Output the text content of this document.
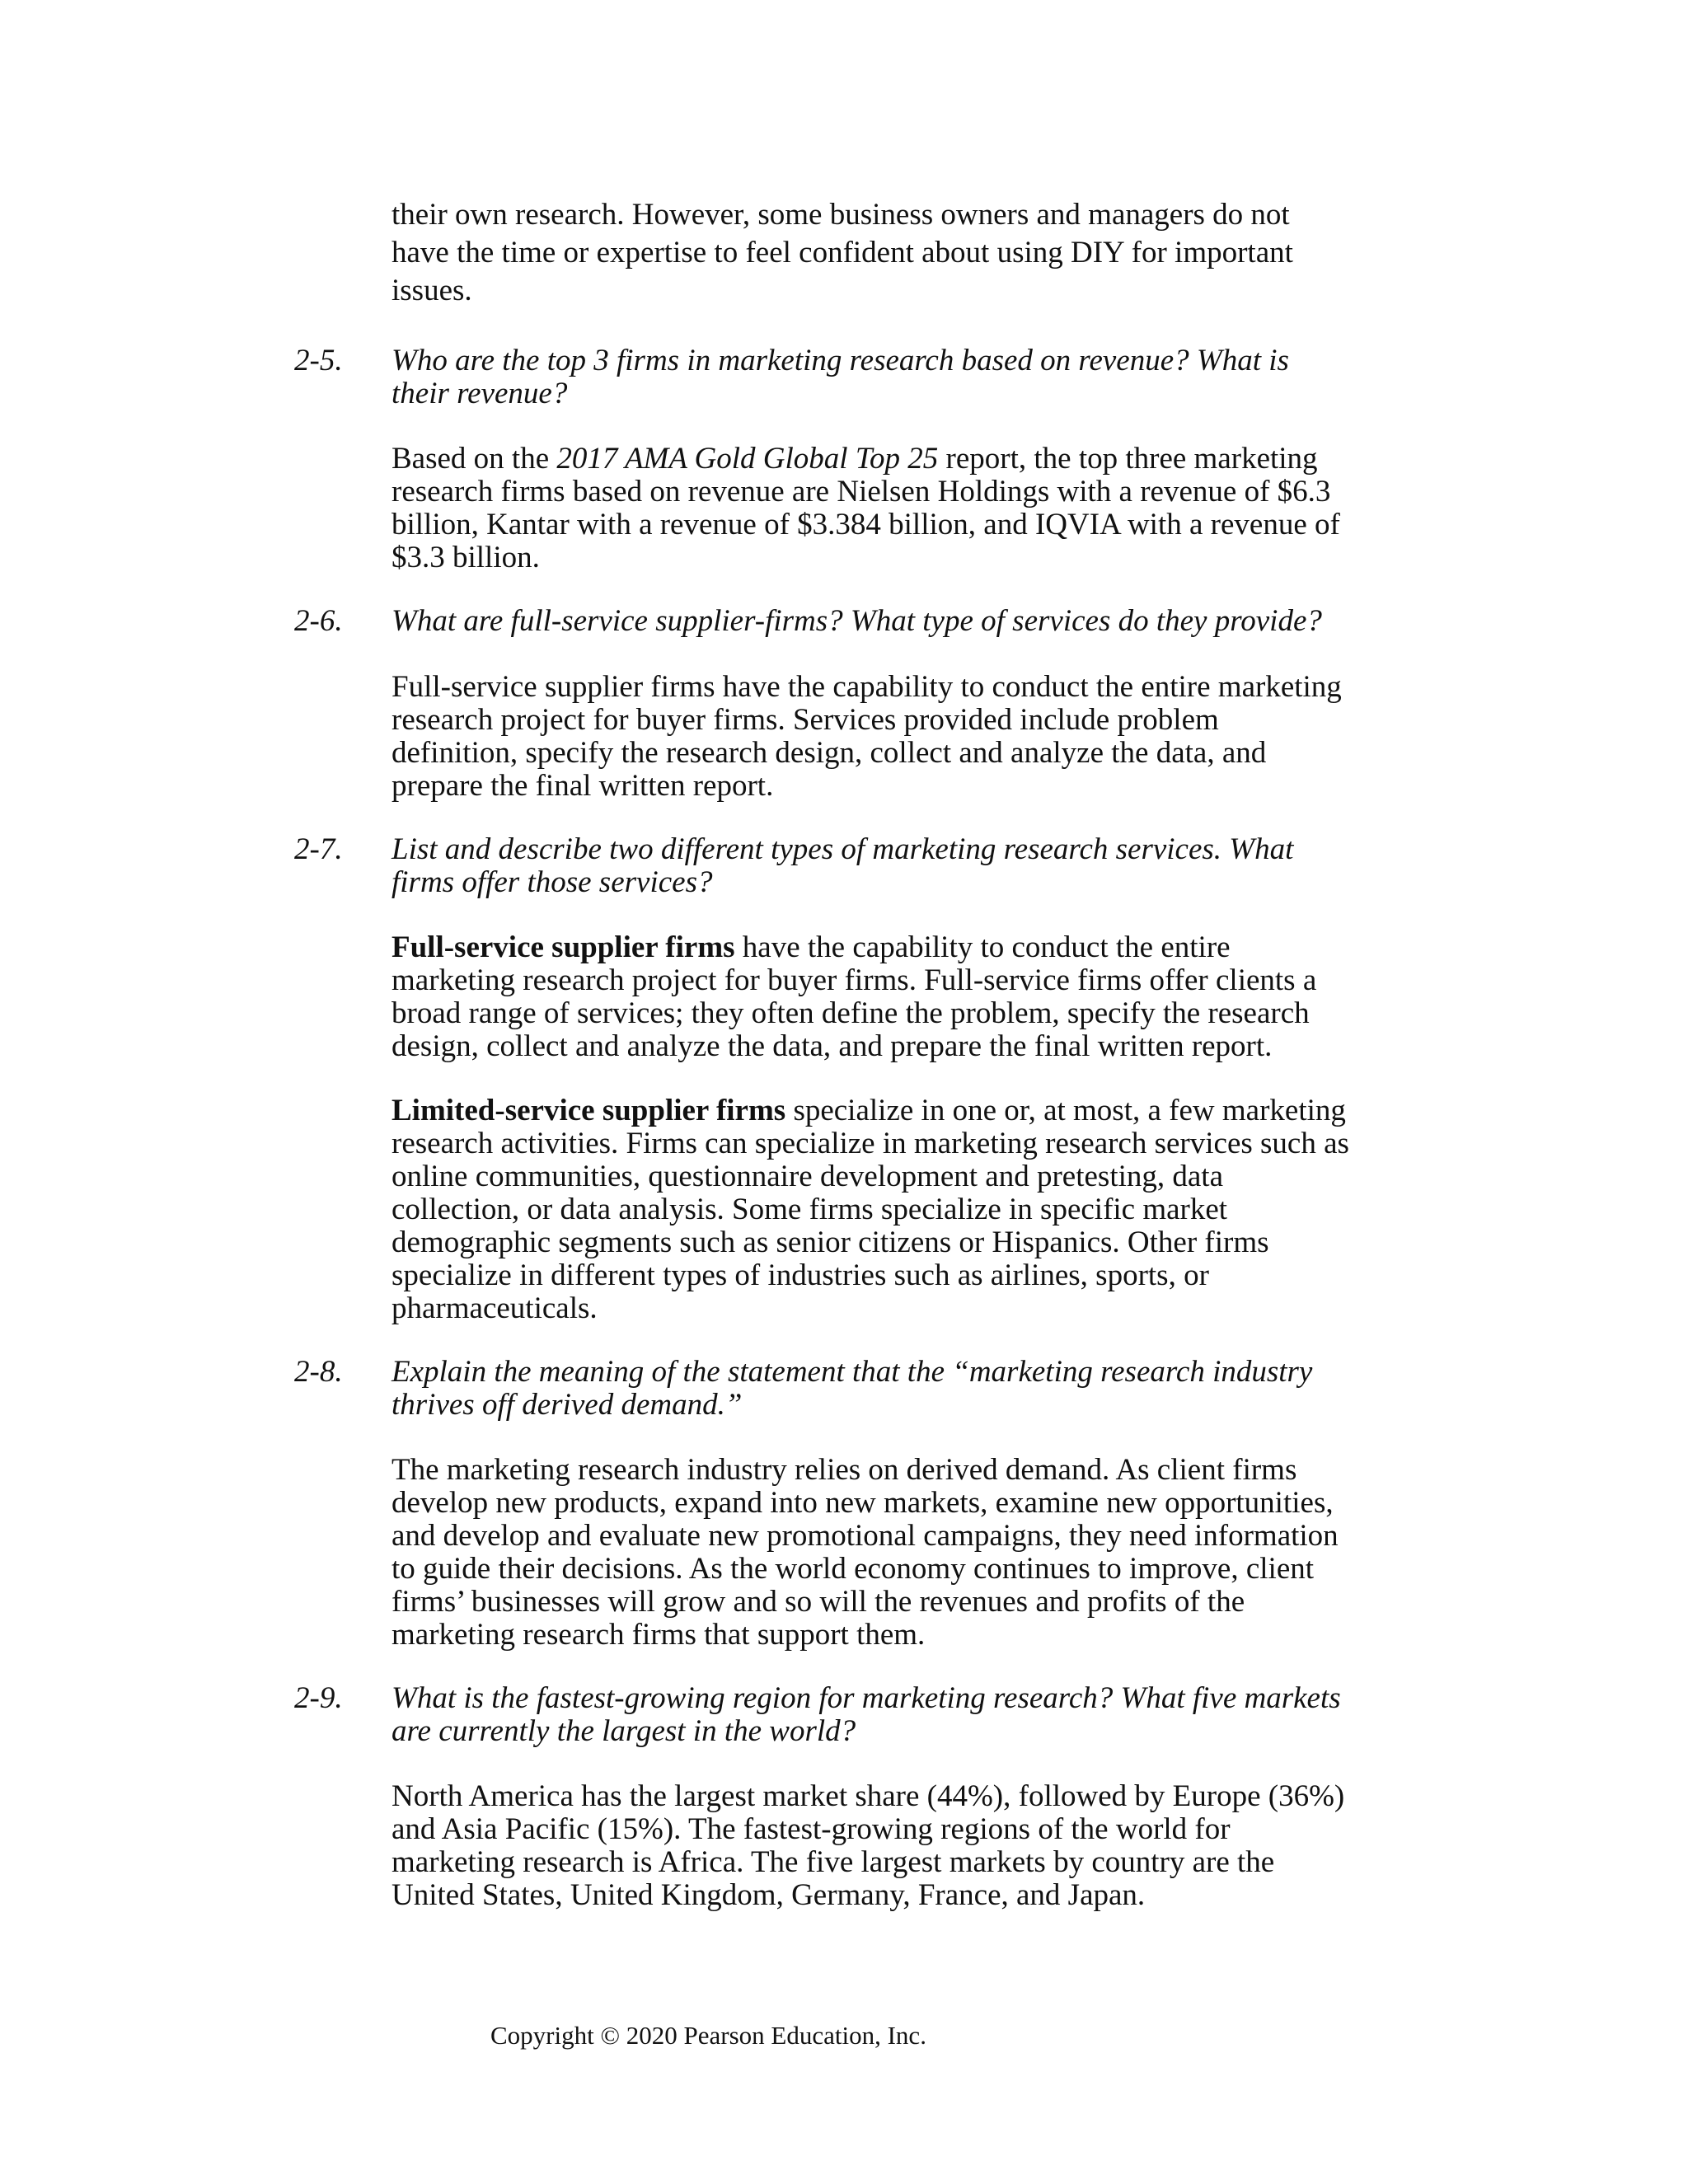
their own research. However, some business owners and managers do not
have the time or expertise to feel confident about using DIY for important
issues.

2-5. Who are the top 3 firms in marketing research based on revenue? What is
their revenue?

Based on the 2017 AMA Gold Global Top 25 report, the top three marketing
research firms based on revenue are Nielsen Holdings with a revenue of $6.3
billion, Kantar with a revenue of $3.384 billion, and IQVIA with a revenue of
$3.3 billion.

2-6. What are full-service supplier-firms? What type of services do they provide?

Full-service supplier firms have the capability to conduct the entire marketing
research project for buyer firms. Services provided include problem
definition, specify the research design, collect and analyze the data, and
prepare the final written report.

2-7. List and describe two different types of marketing research services. What
firms offer those services?

Full-service supplier firms have the capability to conduct the entire
marketing research project for buyer firms. Full-service firms offer clients a
broad range of services; they often define the problem, specify the research
design, collect and analyze the data, and prepare the final written report.

Limited-service supplier firms specialize in one or, at most, a few marketing
research activities. Firms can specialize in marketing research services such as
online communities, questionnaire development and pretesting, data
collection, or data analysis. Some firms specialize in specific market
demographic segments such as senior citizens or Hispanics. Other firms
specialize in different types of industries such as airlines, sports, or
pharmaceuticals.

2-8. Explain the meaning of the statement that the “marketing research industry
thrives off derived demand.”

The marketing research industry relies on derived demand. As client firms
develop new products, expand into new markets, examine new opportunities,
and develop and evaluate new promotional campaigns, they need information
to guide their decisions. As the world economy continues to improve, client
firms’ businesses will grow and so will the revenues and profits of the
marketing research firms that support them.

2-9. What is the fastest-growing region for marketing research? What five markets
are currently the largest in the world?

North America has the largest market share (44%), followed by Europe (36%)
and Asia Pacific (15%). The fastest-growing regions of the world for
marketing research is Africa. The five largest markets by country are the
United States, United Kingdom, Germany, France, and Japan.

Copyright © 2020 Pearson Education, Inc.
